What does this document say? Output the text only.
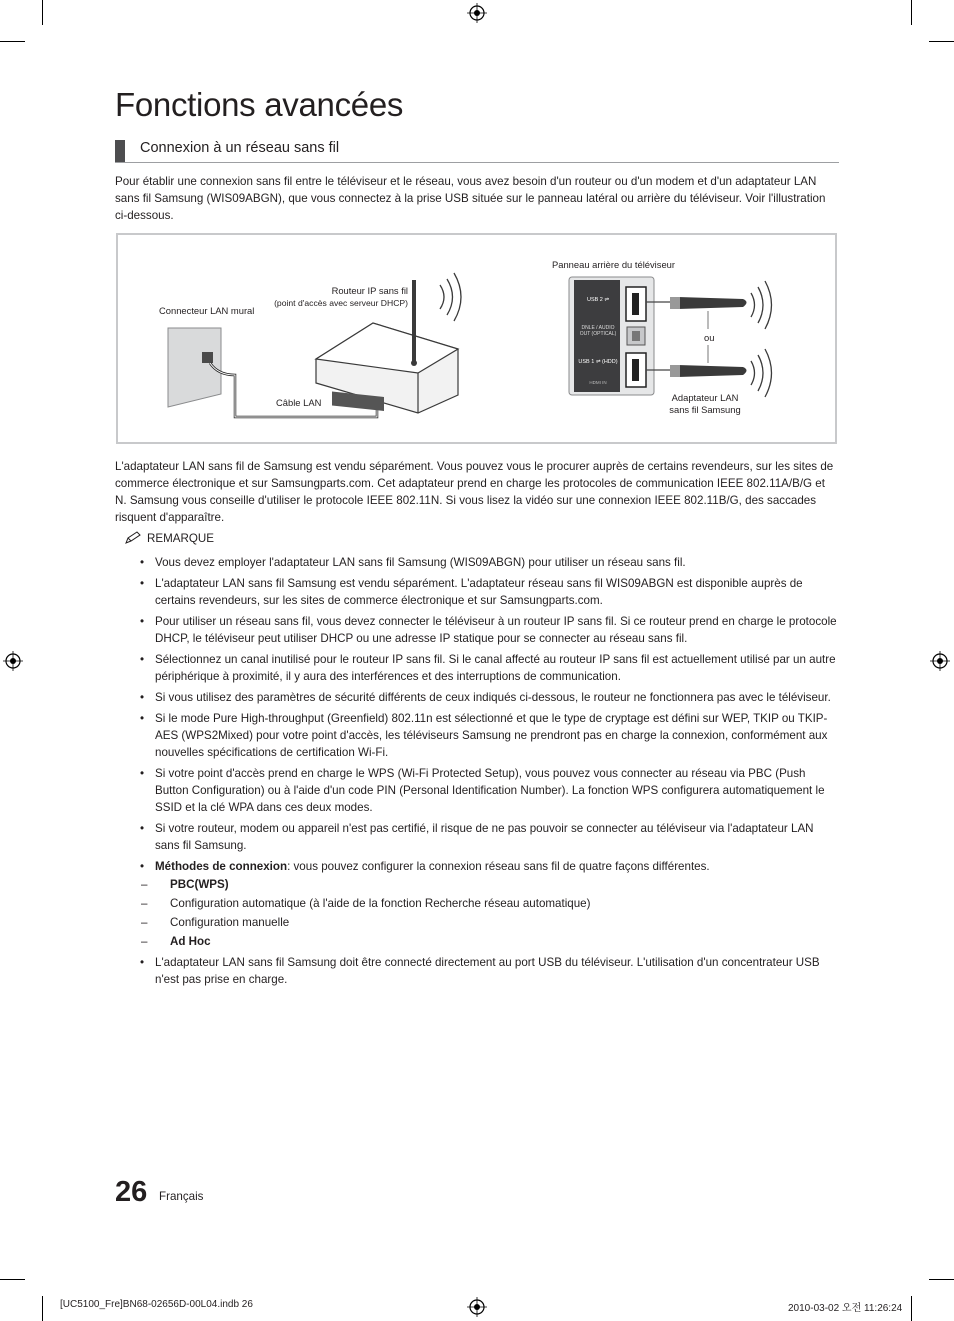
Fonctions avancées
Connexion à un réseau sans fil

Pour établir une connexion sans fil entre le téléviseur et le réseau, vous avez besoin d'un routeur ou d'un modem et d'un adaptateur LAN sans fil Samsung (WIS09ABGN), que vous connectez à la prise USB située sur le panneau latéral ou arrière du téléviseur. Voir l'illustration ci-dessous.

Connecteur LAN mural
Routeur IP sans fil
(point d'accès avec serveur DHCP)
Câble LAN
Panneau arrière du téléviseur
ou
Adaptateur LAN
sans fil Samsung
USB 2 ⇌
DNLE / AUDIO OUT (OPTICAL)
USB 1 ⇌ (HDD)
HDMI IN

L'adaptateur LAN sans fil de Samsung est vendu séparément. Vous pouvez vous le procurer auprès de certains revendeurs, sur les sites de commerce électronique et sur Samsungparts.com. Cet adaptateur prend en charge les protocoles de communication IEEE 802.11A/B/G et N. Samsung vous conseille d'utiliser le protocole IEEE 802.11N. Si vous lisez la vidéo sur une connexion IEEE 802.11B/G, des saccades risquent d'apparaître.

REMARQUE
• Vous devez employer l'adaptateur LAN sans fil Samsung (WIS09ABGN) pour utiliser un réseau sans fil.
• L'adaptateur LAN sans fil Samsung est vendu séparément. L'adaptateur réseau sans fil WIS09ABGN est disponible auprès de certains revendeurs, sur les sites de commerce électronique et sur Samsungparts.com.
• Pour utiliser un réseau sans fil, vous devez connecter le téléviseur à un routeur IP sans fil. Si ce routeur prend en charge le protocole DHCP, le téléviseur peut utiliser DHCP ou une adresse IP statique pour se connecter au réseau sans fil.
• Sélectionnez un canal inutilisé pour le routeur IP sans fil. Si le canal affecté au routeur IP sans fil est actuellement utilisé par un autre périphérique à proximité, il y aura des interférences et des interruptions de communication.
• Si vous utilisez des paramètres de sécurité différents de ceux indiqués ci-dessous, le routeur ne fonctionnera pas avec le téléviseur.
• Si le mode Pure High-throughput (Greenfield) 802.11n est sélectionné et que le type de cryptage est défini sur WEP, TKIP ou TKIP-AES (WPS2Mixed) pour votre point d'accès, les téléviseurs Samsung ne prendront pas en charge la connexion, conformément aux nouvelles spécifications de certification Wi-Fi.
• Si votre point d'accès prend en charge le WPS (Wi-Fi Protected Setup), vous pouvez vous connecter au réseau via PBC (Push Button Configuration) ou à l'aide d'un code PIN (Personal Identification Number). La fonction WPS configurera automatiquement le SSID et la clé WPA dans ces deux modes.
• Si votre routeur, modem ou appareil n'est pas certifié, il risque de ne pas pouvoir se connecter au téléviseur via l'adaptateur LAN sans fil Samsung.
• Méthodes de connexion: vous pouvez configurer la connexion réseau sans fil de quatre façons différentes.
– PBC(WPS)
– Configuration automatique (à l'aide de la fonction Recherche réseau automatique)
– Configuration manuelle
– Ad Hoc
• L'adaptateur LAN sans fil Samsung doit être connecté directement au port USB du téléviseur. L'utilisation d'un concentrateur USB n'est pas prise en charge.
26 Français
[UC5100_Fre]BN68-02656D-00L04.indb 26	2010-03-02 오전 11:26:24
